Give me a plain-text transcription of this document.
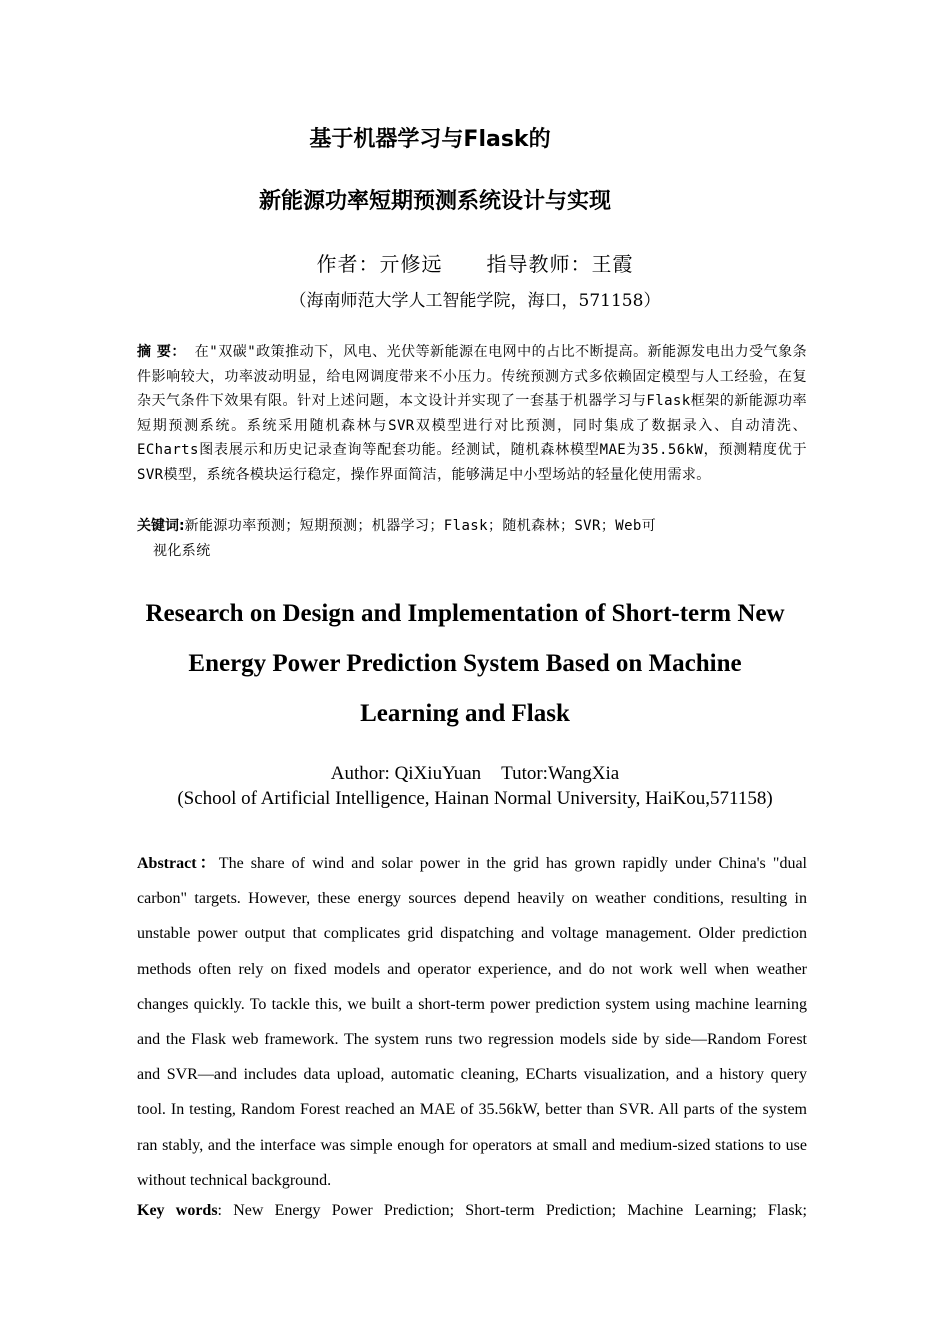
基于机器学习与Flask的
新能源功率短期预测系统设计与实现
作者：亓修远 指导教师：王霞
（海南师范大学人工智能学院，海口，571158）

摘 要： 在"双碳"政策推动下，风电、光伏等新能源在电网中的占比不断提高。新能源发电出力受气象条件影响较大，功率波动明显，给电网调度带来不小压力。传统预测方式多依赖固定模型与人工经验，在复杂天气条件下效果有限。针对上述问题，本文设计并实现了一套基于机器学习与Flask框架的新能源功率短期预测系统。系统采用随机森林与SVR双模型进行对比预测，同时集成了数据录入、自动清洗、ECharts图表展示和历史记录查询等配套功能。经测试，随机森林模型MAE为35.56kW，预测精度优于SVR模型，系统各模块运行稳定，操作界面简洁，能够满足中小型场站的轻量化使用需求。

关键词:新能源功率预测；短期预测；机器学习；Flask；随机森林；SVR；Web可
视化系统

Research on Design and Implementation of Short-term New
Energy Power Prediction System Based on Machine
Learning and Flask
Author: QiXiuYuan Tutor:WangXia
(School of Artificial Intelligence, Hainan Normal University, HaiKou,571158)

Abstract：The share of wind and solar power in the grid has grown rapidly under China's "dual carbon" targets. However, these energy sources depend heavily on weather conditions, resulting in unstable power output that complicates grid dispatching and voltage management. Older prediction methods often rely on fixed models and operator experience, and do not work well when weather changes quickly. To tackle this, we built a short-term power prediction system using machine learning and the Flask web framework. The system runs two regression models side by side—Random Forest and SVR—and includes data upload, automatic cleaning, ECharts visualization, and a history query tool. In testing, Random Forest reached an MAE of 35.56kW, better than SVR. All parts of the system ran stably, and the interface was simple enough for operators at small and medium-sized stations to use without technical background.

Key words: New Energy Power Prediction; Short-term Prediction; Machine Learning; Flask;
